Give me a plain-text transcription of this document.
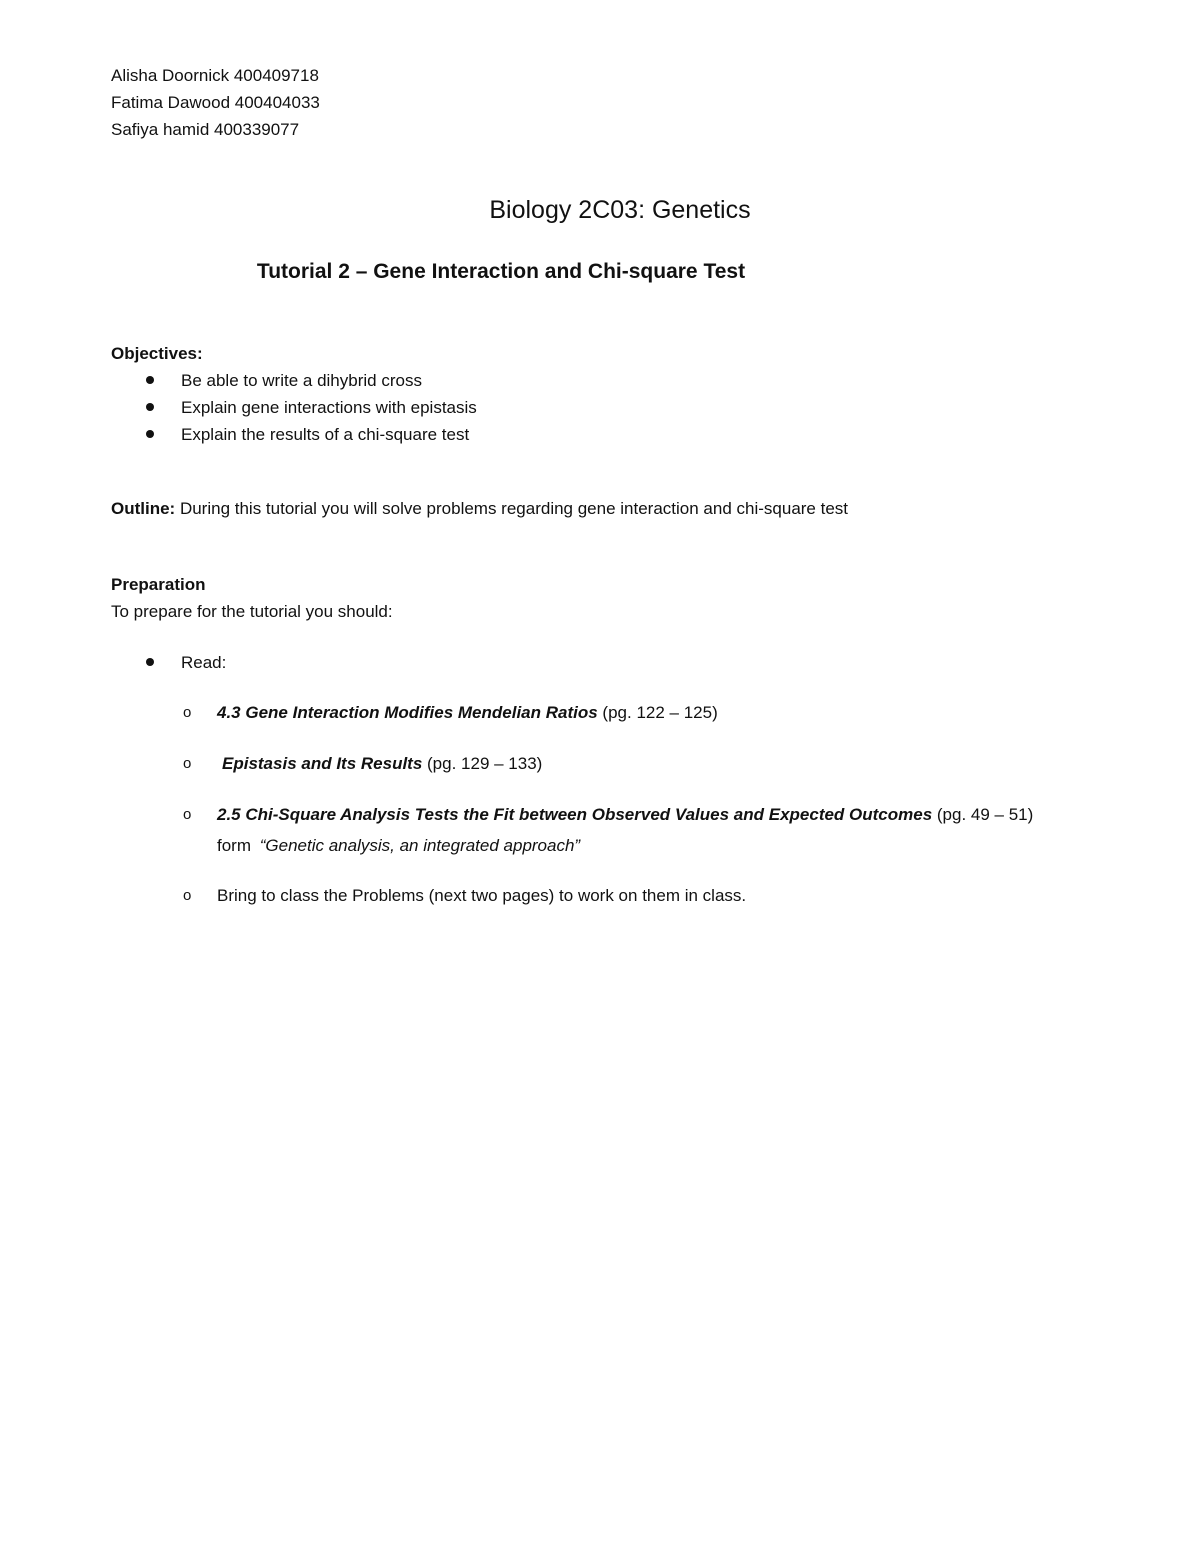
Alisha Doornick 400409718
Fatima Dawood 400404033
Safiya hamid 400339077
Biology 2C03: Genetics
Tutorial 2 – Gene Interaction and Chi-square Test
Objectives:
Be able to write a dihybrid cross
Explain gene interactions with epistasis
Explain the results of a chi-square test
Outline: During this tutorial you will solve problems regarding gene interaction and chi-square test
Preparation
To prepare for the tutorial you should:
Read:
o 4.3 Gene Interaction Modifies Mendelian Ratios (pg. 122 – 125)
o Epistasis and Its Results (pg. 129 – 133)
o 2.5 Chi-Square Analysis Tests the Fit between Observed Values and Expected Outcomes (pg. 49 – 51)
form “Genetic analysis, an integrated approach”
o Bring to class the Problems (next two pages) to work on them in class.
